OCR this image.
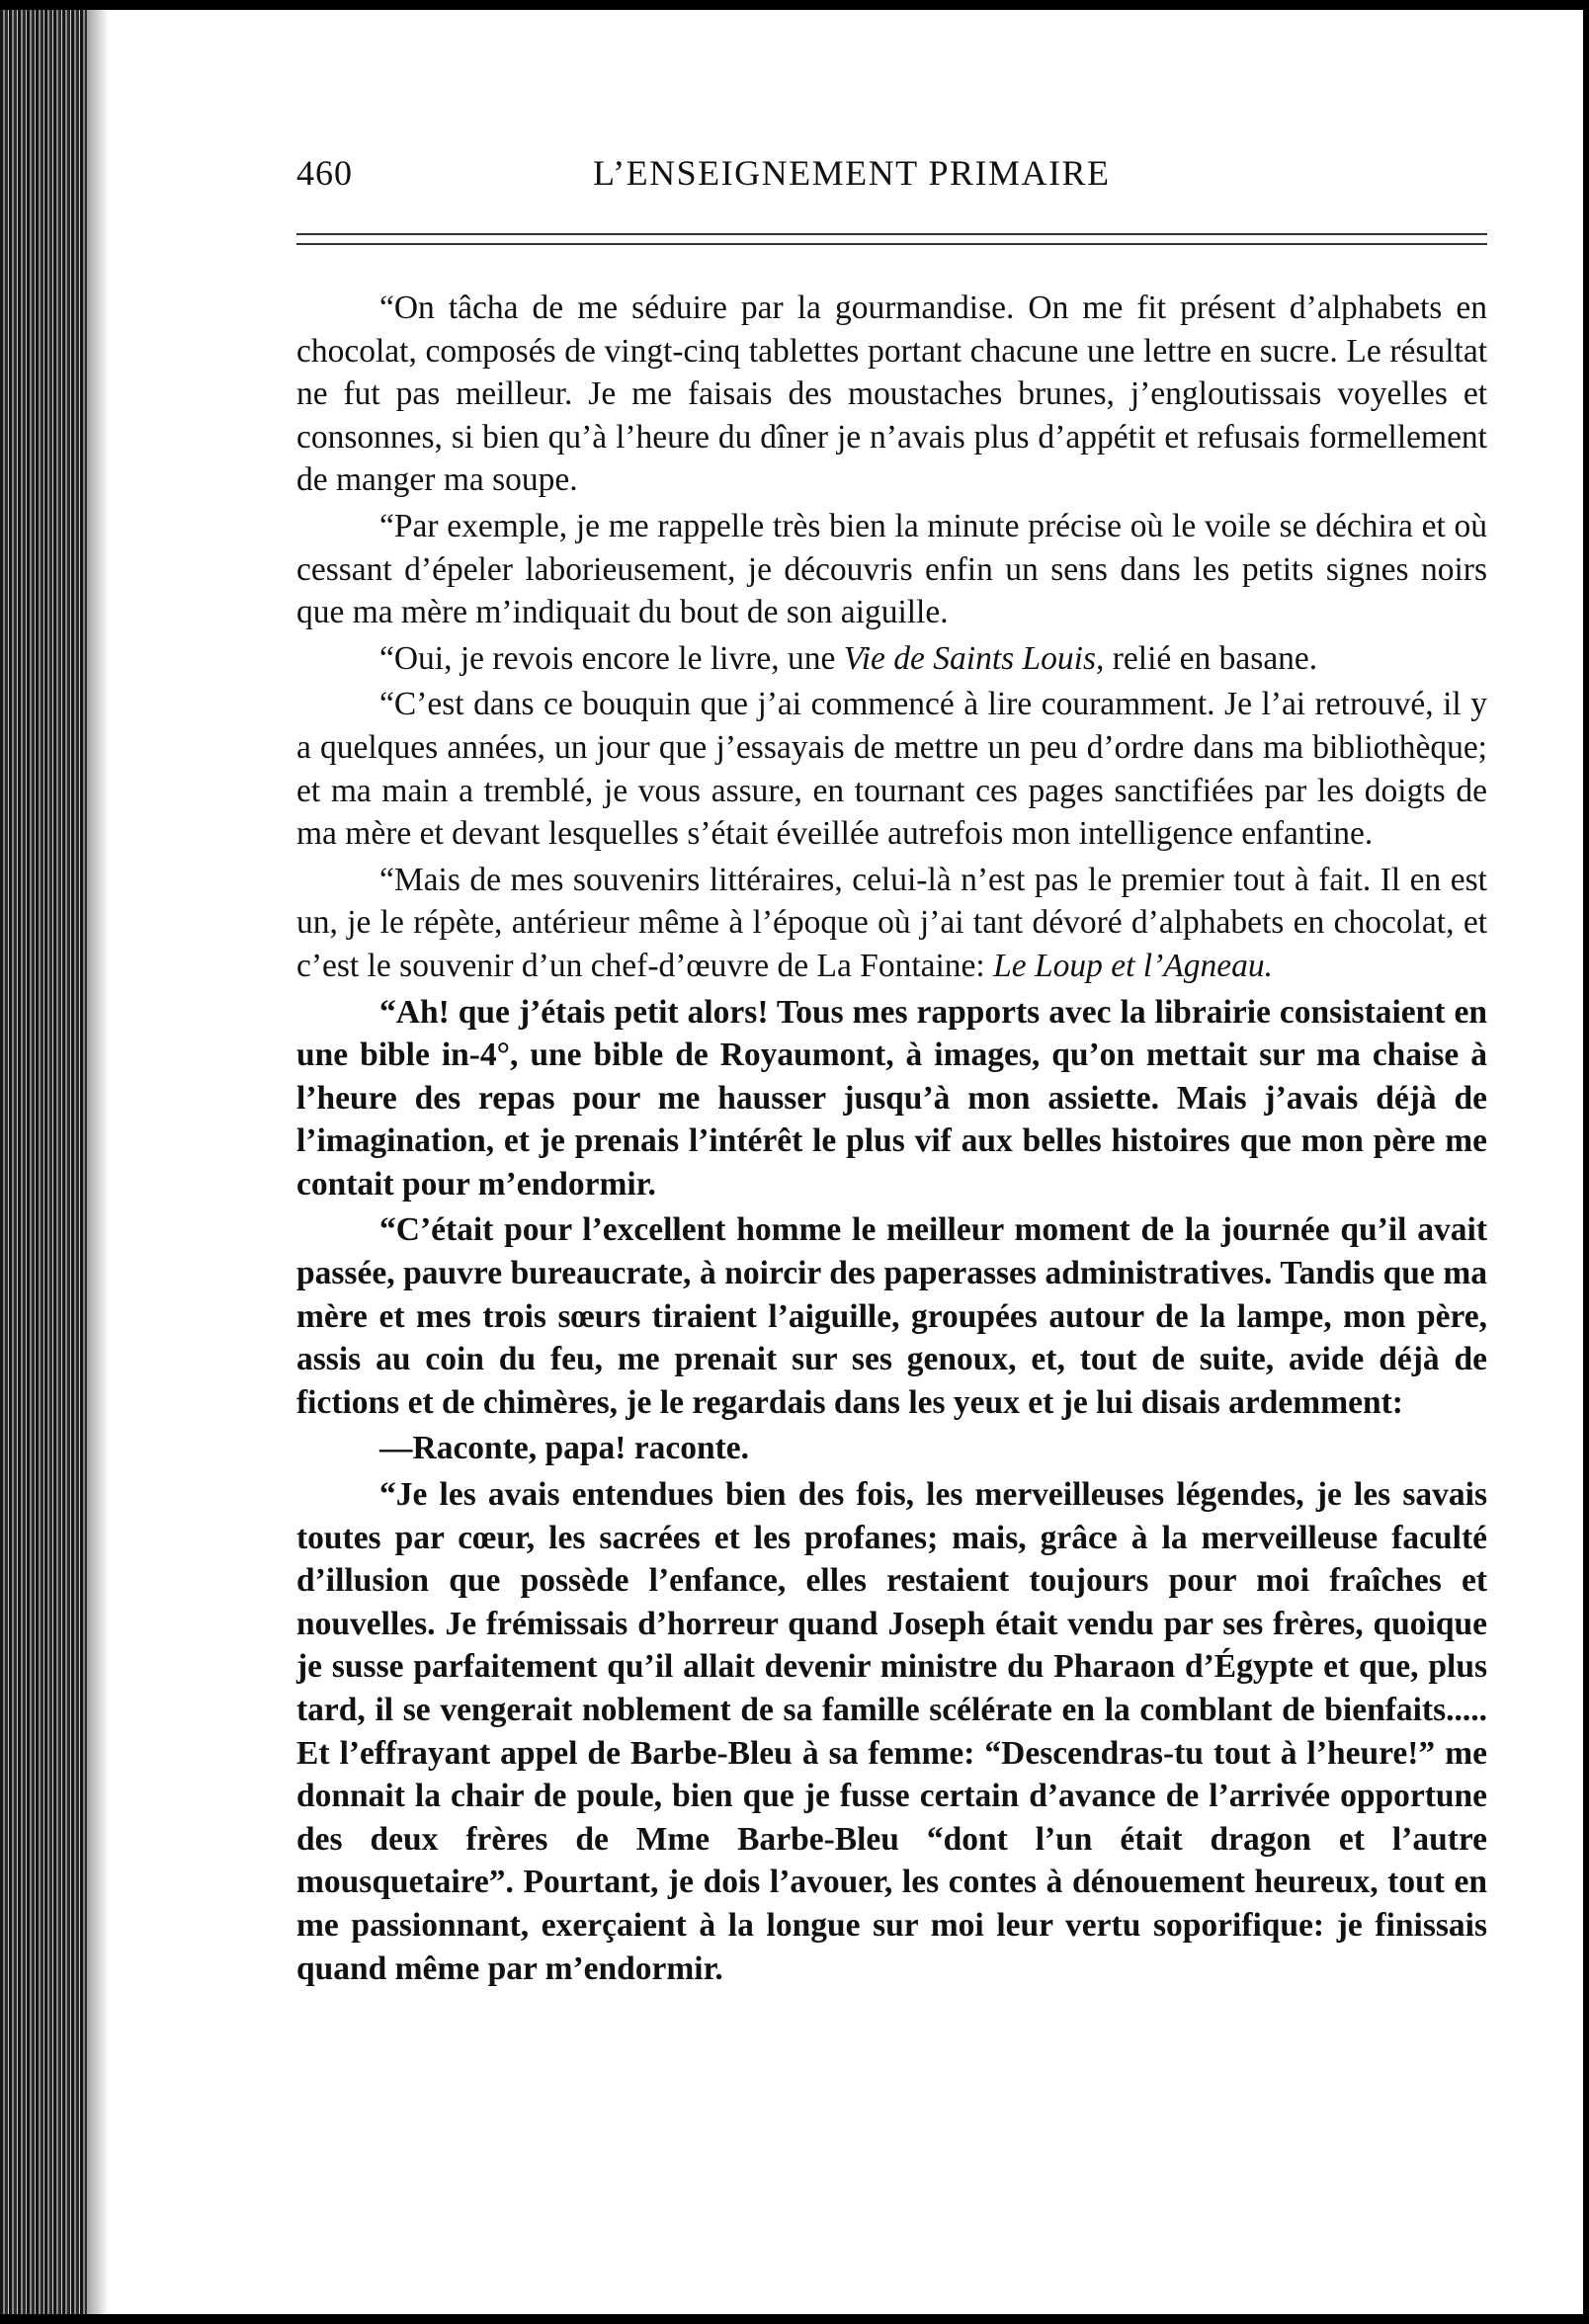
460	L’ENSEIGNEMENT PRIMAIRE

“On tâcha de me séduire par la gourmandise. On me fit présent d’alphabets en chocolat, composés de vingt-cinq tablettes portant chacune une lettre en sucre. Le résultat ne fut pas meilleur. Je me faisais des moustaches brunes, j’engloutissais voyelles et consonnes, si bien qu’à l’heure du dîner je n’avais plus d’appétit et refusais formellement de manger ma soupe.

“Par exemple, je me rappelle très bien la minute précise où le voile se déchira et où cessant d’épeler laborieusement, je découvris enfin un sens dans les petits signes noirs que ma mère m’indiquait du bout de son aiguille.

“Oui, je revois encore le livre, une Vie de Saints Louis, relié en basane.

“C’est dans ce bouquin que j’ai commencé à lire couramment. Je l’ai retrouvé, il y a quelques années, un jour que j’essayais de mettre un peu d’ordre dans ma bibliothèque; et ma main a tremblé, je vous assure, en tournant ces pages sanctifiées par les doigts de ma mère et devant lesquelles s’était éveillée autrefois mon intelligence enfantine.

“Mais de mes souvenirs littéraires, celui-là n’est pas le premier tout à fait. Il en est un, je le répète, antérieur même à l’époque où j’ai tant dévoré d’alphabets en chocolat, et c’est le souvenir d’un chef-d’œuvre de La Fontaine: Le Loup et l’Agneau.

“Ah! que j’étais petit alors! Tous mes rapports avec la librairie consistaient en une bible in-4°, une bible de Royaumont, à images, qu’on mettait sur ma chaise à l’heure des repas pour me hausser jusqu’à mon assiette. Mais j’avais déjà de l’imagination, et je prenais l’intérêt le plus vif aux belles histoires que mon père me contait pour m’endormir.

“C’était pour l’excellent homme le meilleur moment de la journée qu’il avait passée, pauvre bureaucrate, à noircir des paperasses administratives. Tandis que ma mère et mes trois sœurs tiraient l’aiguille, groupées autour de la lampe, mon père, assis au coin du feu, me prenait sur ses genoux, et, tout de suite, avide déjà de fictions et de chimères, je le regardais dans les yeux et je lui disais ardemment:

—Raconte, papa! raconte.

“Je les avais entendues bien des fois, les merveilleuses légendes, je les savais toutes par cœur, les sacrées et les profanes; mais, grâce à la merveilleuse faculté d’illusion que possède l’enfance, elles restaient toujours pour moi fraîches et nouvelles. Je frémissais d’horreur quand Joseph était vendu par ses frères, quoique je susse parfaitement qu’il allait devenir ministre du Pharaon d’Égypte et que, plus tard, il se vengerait noblement de sa famille scélérate en la comblant de bienfaits..... Et l’effrayant appel de Barbe-Bleu à sa femme: “Descendras-tu tout à l’heure!” me donnait la chair de poule, bien que je fusse certain d’avance de l’arrivée opportune des deux frères de Mme Barbe-Bleu “dont l’un était dragon et l’autre mousquetaire”. Pourtant, je dois l’avouer, les contes à dénouement heureux, tout en me passionnant, exerçaient à la longue sur moi leur vertu soporifique: je finissais quand même par m’endormir.
